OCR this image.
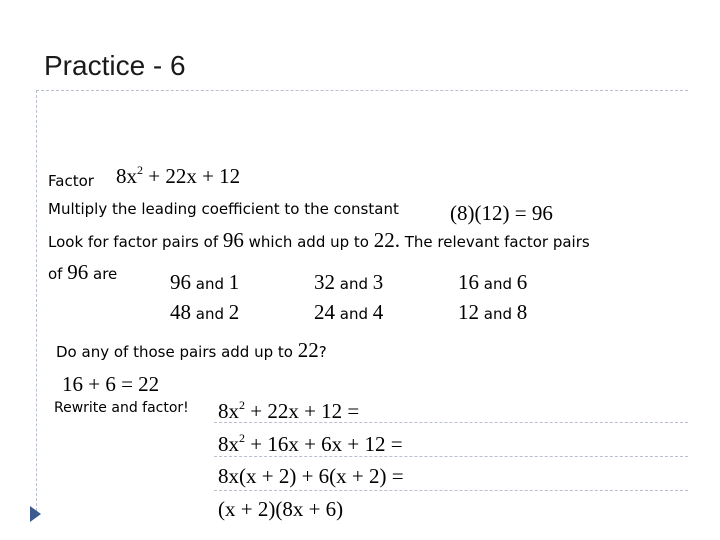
Practice - 6
Factor $8x^2 + 22x + 12$
Multiply the leading coefficient to the constant (8)(12) = 96
Look for factor pairs of 96 which add up to 22. The relevant factor pairs
of 96 are	96 and 1	32 and 3	16 and 6
48 and 2	24 and 4	12 and 8
Do any of those pairs add up to 22?
16 + 6 = 22
Rewrite and factor! $8x^2 + 22x + 12$ =
$8x^2 + 16x + 6x + 12$ =
8x(x + 2) + 6(x + 2) =
(x + 2)(8x + 6)
